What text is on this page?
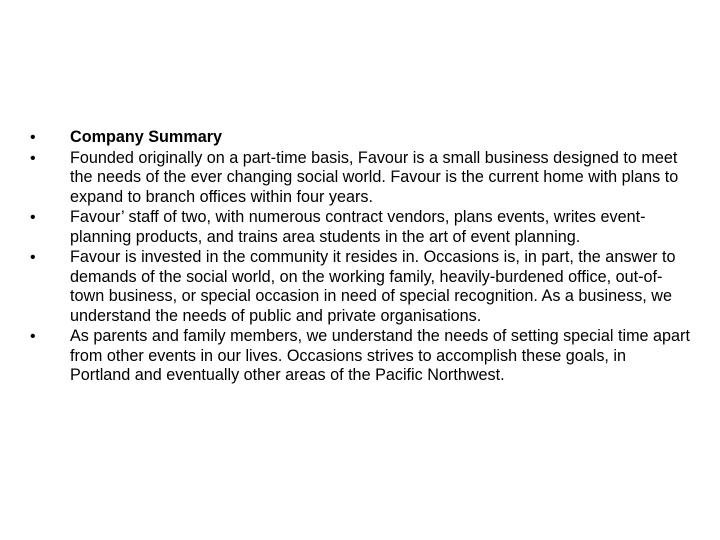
•	Company Summary
•	Founded originally on a part-time basis, Favour is a small business designed to meet the needs of the ever changing social world. Favour is the current home with plans to expand to branch offices within four years.
•	Favour’ staff of two, with numerous contract vendors, plans events, writes event-planning products, and trains area students in the art of event planning.
•	Favour is invested in the community it resides in. Occasions is, in part, the answer to demands of the social world, on the working family, heavily-burdened office, out-of-town business, or special occasion in need of special recognition. As a business, we understand the needs of public and private organisations.
•	As parents and family members, we understand the needs of setting special time apart from other events in our lives. Occasions strives to accomplish these goals, in Portland and eventually other areas of the Pacific Northwest.
